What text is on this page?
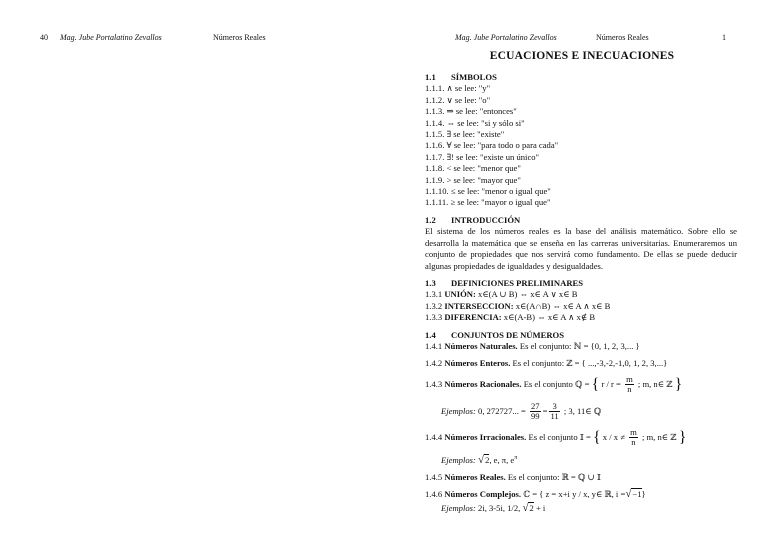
40 Mag. Jube Portalatino Zevallos	Números Reales	Mag. Jube Portalatino Zevallos	Números Reales	1
ECUACIONES E INECUACIONES
1.1 SÍMBOLOS
1.1.1. ∧ se lee: "y"
1.1.2. ∨ se lee: "o"
1.1.3. ⇒ se lee: "entonces"
1.1.4. ⇔ se lee: "si y sólo si"
1.1.5. ∃ se lee: "existe"
1.1.6. ∀ se lee: "para todo o para cada"
1.1.7. ∃! se lee: "existe un único"
1.1.8. < se lee: "menor que"
1.1.9. > se lee: "mayor que"
1.1.10. ≤ se lee: "menor o igual que"
1.1.11. ≥ se lee: "mayor o igual que"
1.2 INTRODUCCIÓN
El sistema de los números reales es la base del análisis matemático. Sobre ello se desarrolla la matemática que se enseña en las carreras universitarias. Enumeraremos un conjunto de propiedades que nos servirá como fundamento. De ellas se puede deducir algunas propiedades de igualdades y desigualdades.
1.3 DEFINICIONES PRELIMINARES
1.3.1 UNIÓN: x∈(A ∪ B) ⇔ x∈ A ∨ x∈ B
1.3.2 INTERSECCION: x∈(A∩B) ⇔ x∈ A ∧ x∈ B
1.3.3 DIFERENCIA: x∈(A-B) ⇔ x∈ A ∧ x∉ B
1.4 CONJUNTOS DE NÚMEROS
1.4.1 Números Naturales. Es el conjunto: ℕ = {0, 1, 2, 3,... }
1.4.2 Números Enteros. Es el conjunto: ℤ = { ...,-3,-2,-1,0, 1, 2, 3,...}
1.4.3 Números Racionales. Es el conjunto ℚ = { $r / r = \frac{m}{n}$ ; m, n∈ ℤ }
Ejemplos: 0, 272727... = $\frac{27}{99} = \frac{3}{11}$ ; 3, 11∈ ℚ
1.4.4 Números Irracionales. Es el conjunto 𝕀 = { $x / x \ne \frac{m}{n}$ ; m, n∈ ℤ }
Ejemplos: √2, e, π, $e^\pi$
1.4.5 Números Reales. Es el conjunto: ℝ = ℚ ∪ 𝕀
1.4.6 Números Complejos. ℂ = { z = x+i y / x, y∈ ℝ, i =√−1}
Ejemplos: 2i, 3-5i, 1/2, √2 + i
